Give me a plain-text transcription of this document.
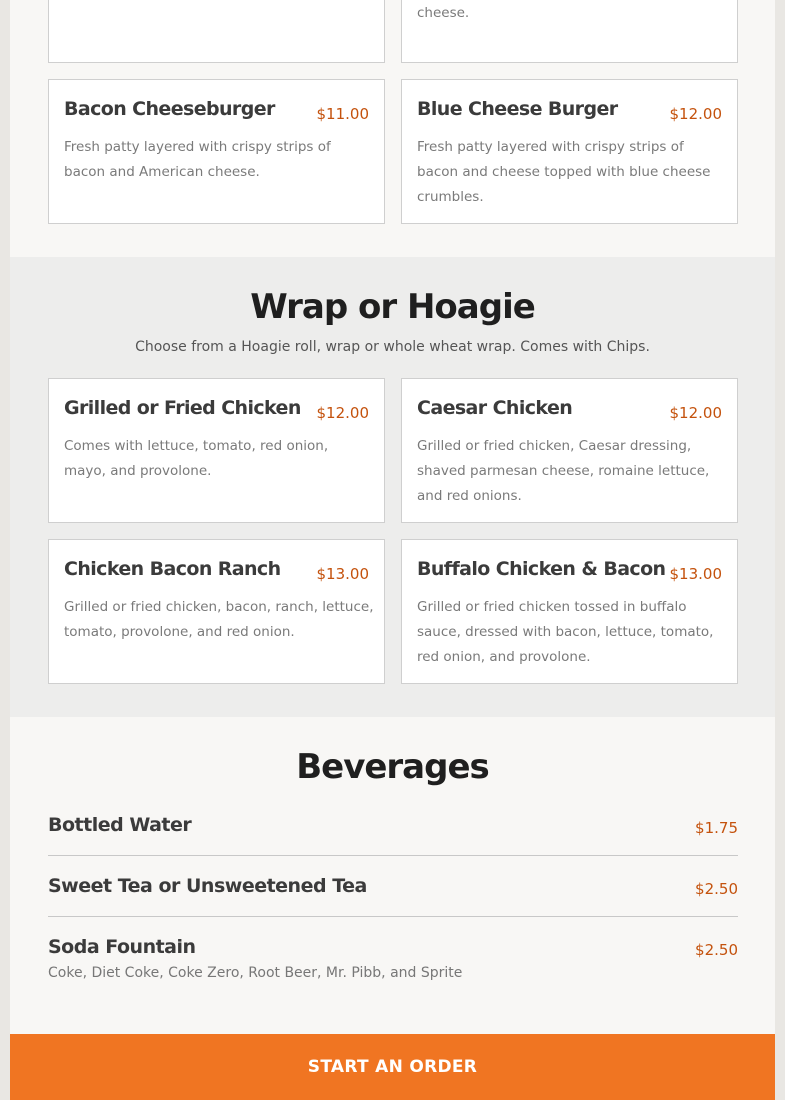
cheese.
Bacon Cheeseburger	$11.00
Fresh patty layered with crispy strips of bacon and American cheese.
Blue Cheese Burger	$12.00
Fresh patty layered with crispy strips of bacon and cheese topped with blue cheese crumbles.
Wrap or Hoagie
Choose from a Hoagie roll, wrap or whole wheat wrap. Comes with Chips.
Grilled or Fried Chicken $12.00
Comes with lettuce, tomato, red onion, mayo, and provolone.
Caesar Chicken	$12.00
Grilled or fried chicken, Caesar dressing, shaved parmesan cheese, romaine lettuce, and red onions.
Chicken Bacon Ranch $13.00
Grilled or fried chicken, bacon, ranch, lettuce, tomato, provolone, and red onion.
Buffalo Chicken & Bacon $13.00
Grilled or fried chicken tossed in buffalo sauce, dressed with bacon, lettuce, tomato, red onion, and provolone.
Beverages
Bottled Water	$1.75
Sweet Tea or Unsweetened Tea	$2.50
Soda Fountain	$2.50
Coke, Diet Coke, Coke Zero, Root Beer, Mr. Pibb, and Sprite
START AN ORDER
